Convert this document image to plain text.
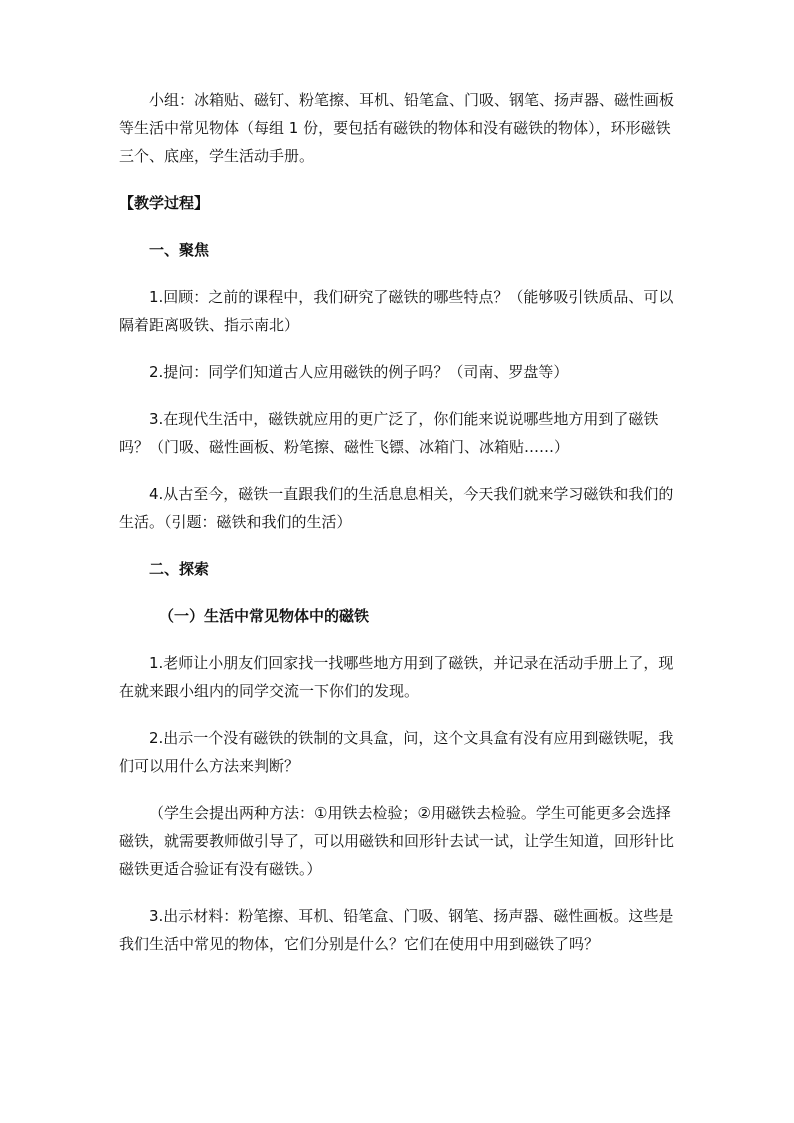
小组：冰箱贴、磁钉、粉笔擦、耳机、铅笔盒、门吸、钢笔、扬声器、磁性画板等生活中常见物体（每组 1 份，要包括有磁铁的物体和没有磁铁的物体），环形磁铁三个、底座，学生活动手册。

【教学过程】

一、聚焦

1.回顾：之前的课程中，我们研究了磁铁的哪些特点？（能够吸引铁质品、可以隔着距离吸铁、指示南北）

2.提问：同学们知道古人应用磁铁的例子吗？（司南、罗盘等）

3.在现代生活中，磁铁就应用的更广泛了，你们能来说说哪些地方用到了磁铁吗？（门吸、磁性画板、粉笔擦、磁性飞镖、冰箱门、冰箱贴……）

4.从古至今，磁铁一直跟我们的生活息息相关，今天我们就来学习磁铁和我们的生活。（引题：磁铁和我们的生活）

二、探索

（一）生活中常见物体中的磁铁

1.老师让小朋友们回家找一找哪些地方用到了磁铁，并记录在活动手册上了，现在就来跟小组内的同学交流一下你们的发现。

2.出示一个没有磁铁的铁制的文具盒，问，这个文具盒有没有应用到磁铁呢，我们可以用什么方法来判断？

（学生会提出两种方法：①用铁去检验；②用磁铁去检验。学生可能更多会选择磁铁，就需要教师做引导了，可以用磁铁和回形针去试一试，让学生知道，回形针比磁铁更适合验证有没有磁铁。）

3.出示材料：粉笔擦、耳机、铅笔盒、门吸、钢笔、扬声器、磁性画板。这些是我们生活中常见的物体，它们分别是什么？它们在使用中用到磁铁了吗？
